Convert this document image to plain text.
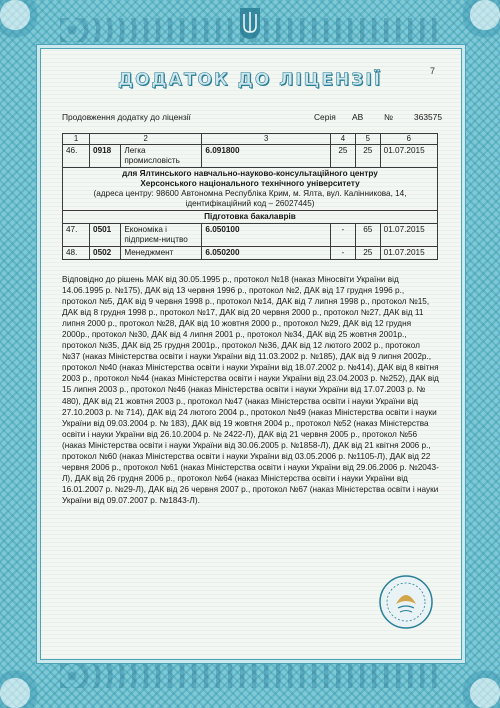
ДОДАТОК ДО ЛІЦЕНЗІЇ	7
Продовження додатку до ліцензії	Серія	АВ	№	363575
1	2		3	4	5	6
46.	0918	Легка промисловість	6.091800	25	25	01.07.2015

для Ялтинського навчально-науково-консультаційного центру
Херсонського національного технічного університету
(адреса центру: 98600 Автономна Республіка Крим, м. Ялта, вул. Калінникова, 14,
ідентифікаційний код – 26027445)						

Підготовка бакалаврів						
47.	0501	Економіка і підприєм-ництво	6.050100	-	65	01.07.2015
48.	0502	Менеджмент	6.050200	-	25	01.07.2015
Відповідно до рішень МАК від 30.05.1995 р., протокол №18 (наказ Міносвіти України від 14.06.1995 р. №175), ДАК від 13 червня 1996 р., протокол №2, ДАК від 17 грудня 1996 р., протокол №5, ДАК від 9 червня 1998 р., протокол №14, ДАК від 7 липня 1998 р., протокол №15, ДАК від 8 грудня 1998 р., протокол №17, ДАК від 20 червня 2000 р., протокол №27, ДАК від 11 липня 2000 р., протокол №28, ДАК від 10 жовтня 2000 р., протокол №29, ДАК від 12 грудня 2000р., протокол №30, ДАК від 4 липня 2001 р., протокол №34, ДАК від 25 жовтня 2001р., протокол №35, ДАК від 25 грудня 2001р., протокол №36, ДАК від 12 лютого 2002 р., протокол №37 (наказ Міністерства освіти і науки України від 11.03.2002 р. №185), ДАК від 9 липня 2002р., протокол №40 (наказ Міністерства освіти і науки України від 18.07.2002 р. №414), ДАК від 8 квітня 2003 р., протокол №44 (наказ Міністерства освіти і науки України від 23.04.2003 р. №252), ДАК від 15 липня 2003 р., протокол №46 (наказ Міністерства освіти і науки України від 17.07.2003 р. № 480), ДАК від 21 жовтня 2003 р., протокол №47 (наказ Міністерства освіти і науки України від 27.10.2003 р. № 714), ДАК від 24 лютого 2004 р., протокол №49 (наказ Міністерства освіти і науки України від 09.03.2004 р. № 183), ДАК від 19 жовтня 2004 р., протокол №52 (наказ Міністерства освіти і науки України від 26.10.2004 р. № 2422-Л), ДАК від 21 червня 2005 р., протокол №56 (наказ Міністерства освіти і науки України від 30.06.2005 р. №1858-Л), ДАК від 21 квітня 2006 р., протокол №60 (наказ Міністерства освіти і науки України від 03.05.2006 р. №1105-Л), ДАК від 22 червня 2006 р., протокол №61 (наказ Міністерства освіти і науки України від 29.06.2006 р. №2043-Л), ДАК від 26 грудня 2006 р., протокол №64 (наказ Міністерства освіти і науки України від 16.01.2007 р. №29-Л), ДАК від 26 червня 2007 р., протокол №67 (наказ Міністерства освіти і науки України від 09.07.2007 р. №1843-Л).
